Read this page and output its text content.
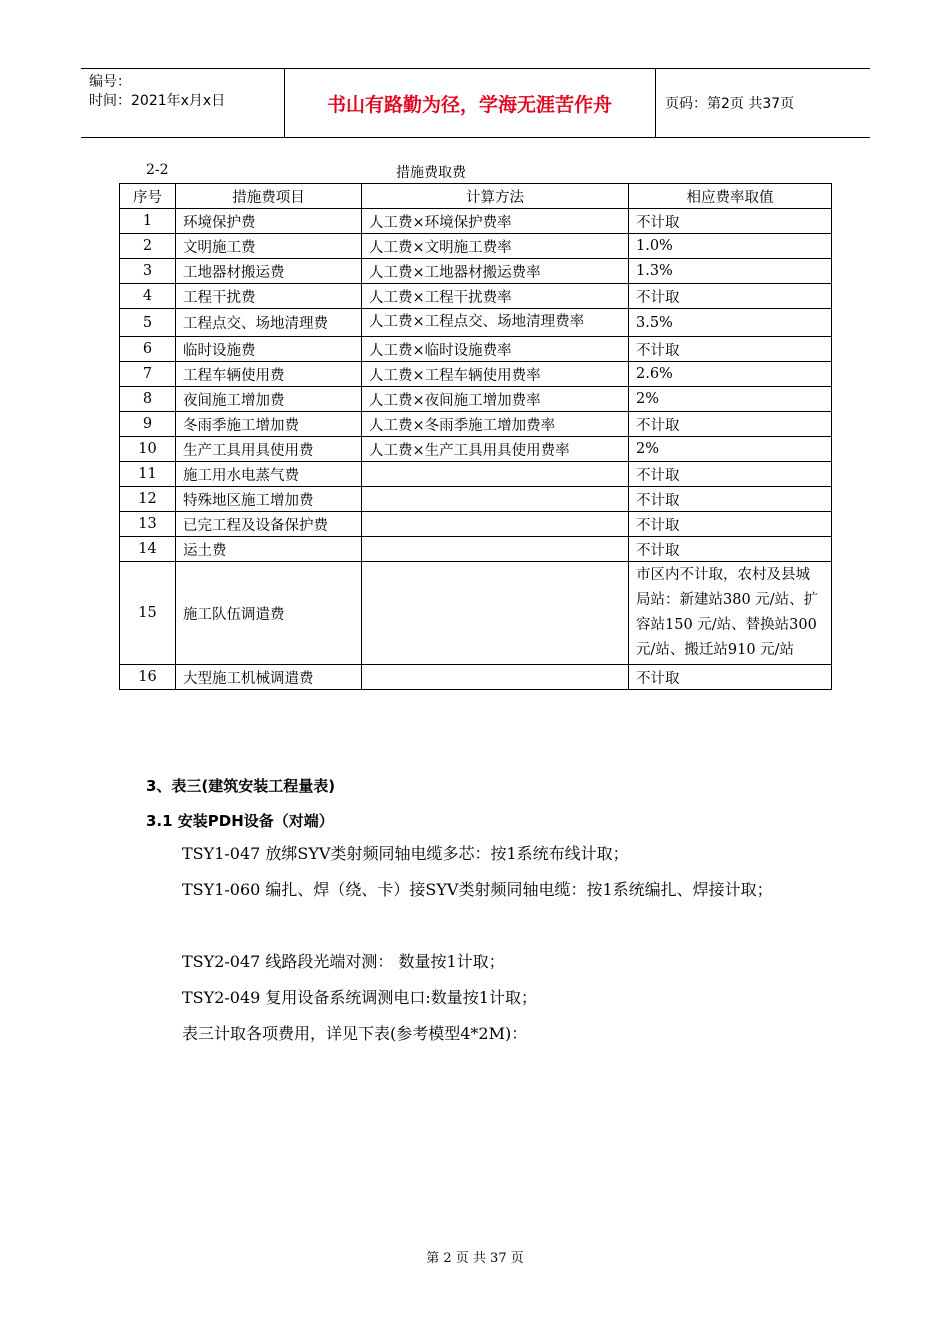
编号：
时间：2021年x月x日	书山有路勤为径，学海无涯苦作舟	页码：第2页 共37页
2-2	措施费取费
序号	措施费项目	计算方法	相应费率取值
1	环境保护费	人工费×环境保护费率	不计取
2	文明施工费	人工费×文明施工费率	1.0%
3	工地器材搬运费	人工费×工地器材搬运费率	1.3%
4	工程干扰费	人工费×工程干扰费率	不计取
5	工程点交、场地清理费	人工费×工程点交、场地清理费率	3.5%
6	临时设施费	人工费×临时设施费率	不计取
7	工程车辆使用费	人工费×工程车辆使用费率	2.6%
8	夜间施工增加费	人工费×夜间施工增加费率	2%
9	冬雨季施工增加费	人工费×冬雨季施工增加费率	不计取
10	生产工具用具使用费	人工费×生产工具用具使用费率	2%
11	施工用水电蒸气费		不计取
12	特殊地区施工增加费		不计取
13	已完工程及设备保护费		不计取
14	运土费		不计取
15	施工队伍调遣费		市区内不计取，农村及县城局站：新建站380 元/站、扩容站150 元/站、替换站300 元/站、搬迁站910 元/站
16	大型施工机械调遣费		不计取
3、表三(建筑安装工程量表)
3.1 安装PDH设备（对端）
TSY1-047 放绑SYV类射频同轴电缆多芯：按1系统布线计取；
TSY1-060 编扎、焊（绕、卡）接SYV类射频同轴电缆：按1系统编扎、焊接计取；
TSY2-047 线路段光端对测： 数量按1计取；
TSY2-049 复用设备系统调测电口:数量按1计取；
表三计取各项费用，详见下表(参考模型4*2M)：
第 2 页 共 37 页
